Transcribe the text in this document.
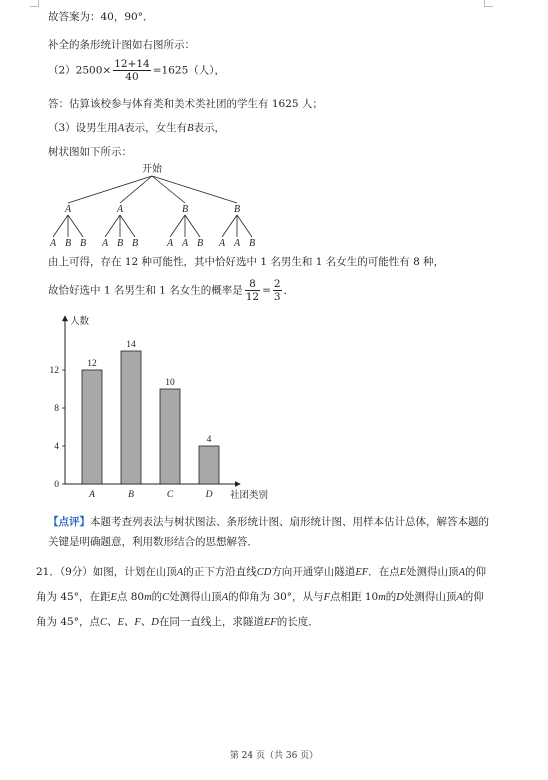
故答案为：40，90°．
补全的条形统计图如右图所示：
$(2)2500\times \frac{12+14}{40} =1625$（人），
答：估算该校参与体育类和美术类社团的学生有 1625 人；
（3）设男生用A表示，女生有B表示，
树状图如下所示：
开始
A
A B B
A
A B B
B
A A B
B
A A B
由上可得，存在 12 种可能性，其中恰好选中 1 名男生和 1 名女生的可能性有 8 种，
故恰好选中 1 名男生和 1 名女生的概率是 $\frac{8}{12} = \frac{2}{3}$ ．
人数
社团类别
0
4
8
12
12
A
14
B
10
C
4
D
【点评】本题考查列表法与树状图法、条形统计图、扇形统计图、用样本估计总体，解答本题的关键是明确题意，利用数形结合的思想解答．
21．（9分）如图，计划在山顶A的正下方沿直线CD方向开通穿山隧道EF．在点E处测得山顶A的仰角为 45°，在距E点 80m的C处测得山顶A的仰角为 30°，从与F点相距 10m的D处测得山顶A的仰角为 45°，点C、E、F、D在同一直线上，求隧道EF的长度．
第 24 页（共 36 页）
